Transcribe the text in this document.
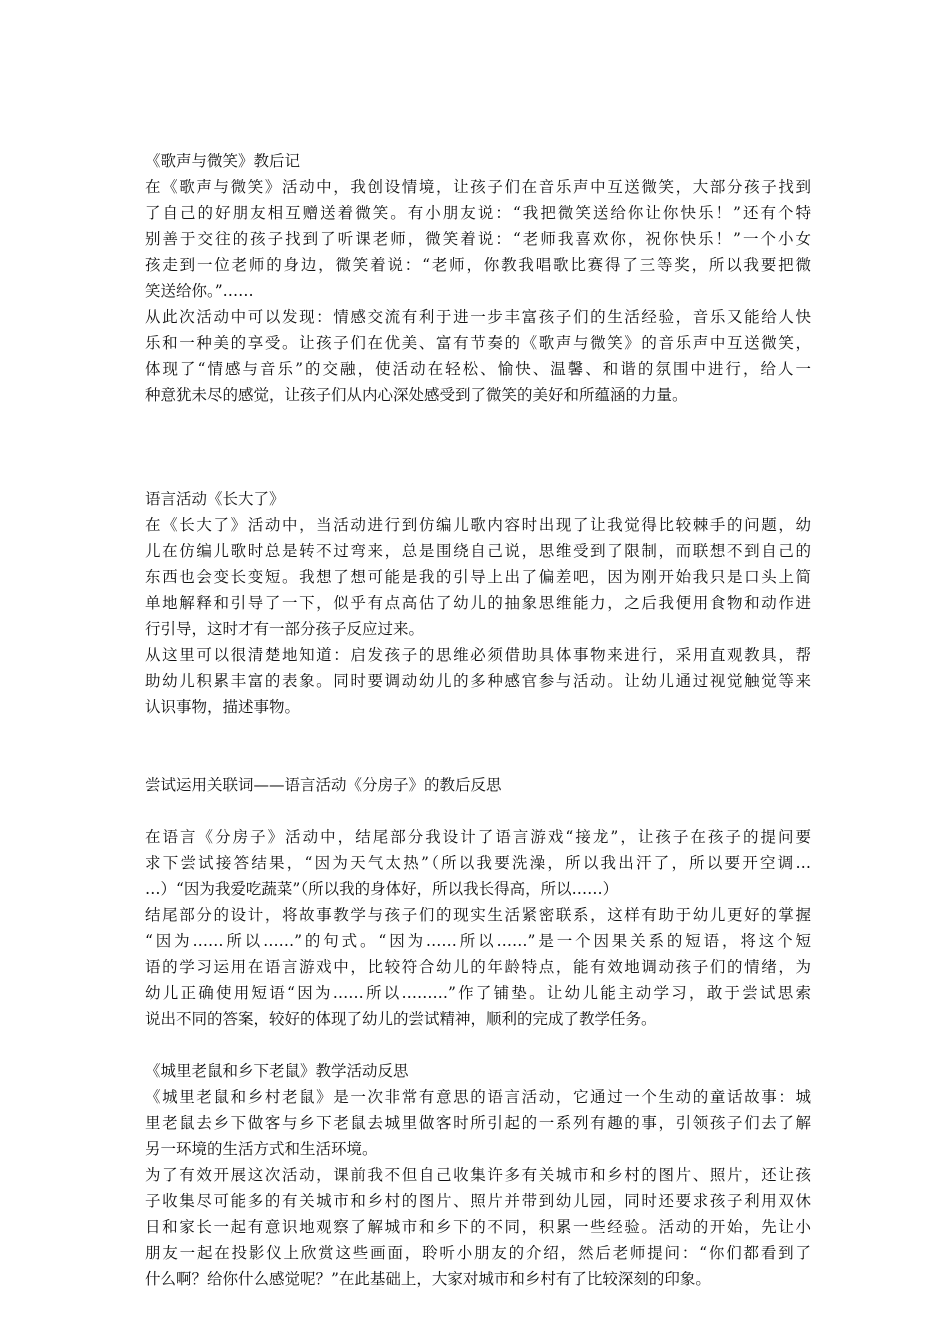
《歌声与微笑》教后记
在《歌声与微笑》活动中，我创设情境，让孩子们在音乐声中互送微笑，大部分孩子找到
了自己的好朋友相互赠送着微笑。有小朋友说：“我把微笑送给你让你快乐！”还有个特
别善于交往的孩子找到了听课老师，微笑着说：“老师我喜欢你，祝你快乐！”一个小女
孩走到一位老师的身边，微笑着说：“老师，你教我唱歌比赛得了三等奖，所以我要把微
笑送给你。”……
从此次活动中可以发现：情感交流有利于进一步丰富孩子们的生活经验，音乐又能给人快
乐和一种美的享受。让孩子们在优美、富有节奏的《歌声与微笑》的音乐声中互送微笑，
体现了“情感与音乐”的交融，使活动在轻松、愉快、温馨、和谐的氛围中进行，给人一
种意犹未尽的感觉，让孩子们从内心深处感受到了微笑的美好和所蕴涵的力量。
语言活动《长大了》
在《长大了》活动中，当活动进行到仿编儿歌内容时出现了让我觉得比较棘手的问题，幼
儿在仿编儿歌时总是转不过弯来，总是围绕自己说，思维受到了限制，而联想不到自己的
东西也会变长变短。我想了想可能是我的引导上出了偏差吧，因为刚开始我只是口头上简
单地解释和引导了一下，似乎有点高估了幼儿的抽象思维能力，之后我便用食物和动作进
行引导，这时才有一部分孩子反应过来。
从这里可以很清楚地知道：启发孩子的思维必须借助具体事物来进行，采用直观教具，帮
助幼儿积累丰富的表象。同时要调动幼儿的多种感官参与活动。让幼儿通过视觉触觉等来
认识事物，描述事物。
尝试运用关联词——语言活动《分房子》的教后反思
在语言《分房子》活动中，结尾部分我设计了语言游戏“接龙”，让孩子在孩子的提问要
求下尝试接答结果，“因为天气太热”（所以我要洗澡，所以我出汗了，所以要开空调…
…）“因为我爱吃蔬菜”（所以我的身体好，所以我长得高，所以……）
结尾部分的设计，将故事教学与孩子们的现实生活紧密联系，这样有助于幼儿更好的掌握
“因为……所以……”的句式。“因为……所以……”是一个因果关系的短语，将这个短
语的学习运用在语言游戏中，比较符合幼儿的年龄特点，能有效地调动孩子们的情绪，为
幼儿正确使用短语“因为……所以………”作了铺垫。让幼儿能主动学习，敢于尝试思索
说出不同的答案，较好的体现了幼儿的尝试精神，顺利的完成了教学任务。
《城里老鼠和乡下老鼠》教学活动反思
《城里老鼠和乡村老鼠》是一次非常有意思的语言活动，它通过一个生动的童话故事：城
里老鼠去乡下做客与乡下老鼠去城里做客时所引起的一系列有趣的事，引领孩子们去了解
另一环境的生活方式和生活环境。
为了有效开展这次活动，课前我不但自己收集许多有关城市和乡村的图片、照片，还让孩
子收集尽可能多的有关城市和乡村的图片、照片并带到幼儿园，同时还要求孩子利用双休
日和家长一起有意识地观察了解城市和乡下的不同，积累一些经验。活动的开始，先让小
朋友一起在投影仪上欣赏这些画面，聆听小朋友的介绍，然后老师提问：“你们都看到了
什么啊？给你什么感觉呢？”在此基础上，大家对城市和乡村有了比较深刻的印象。
